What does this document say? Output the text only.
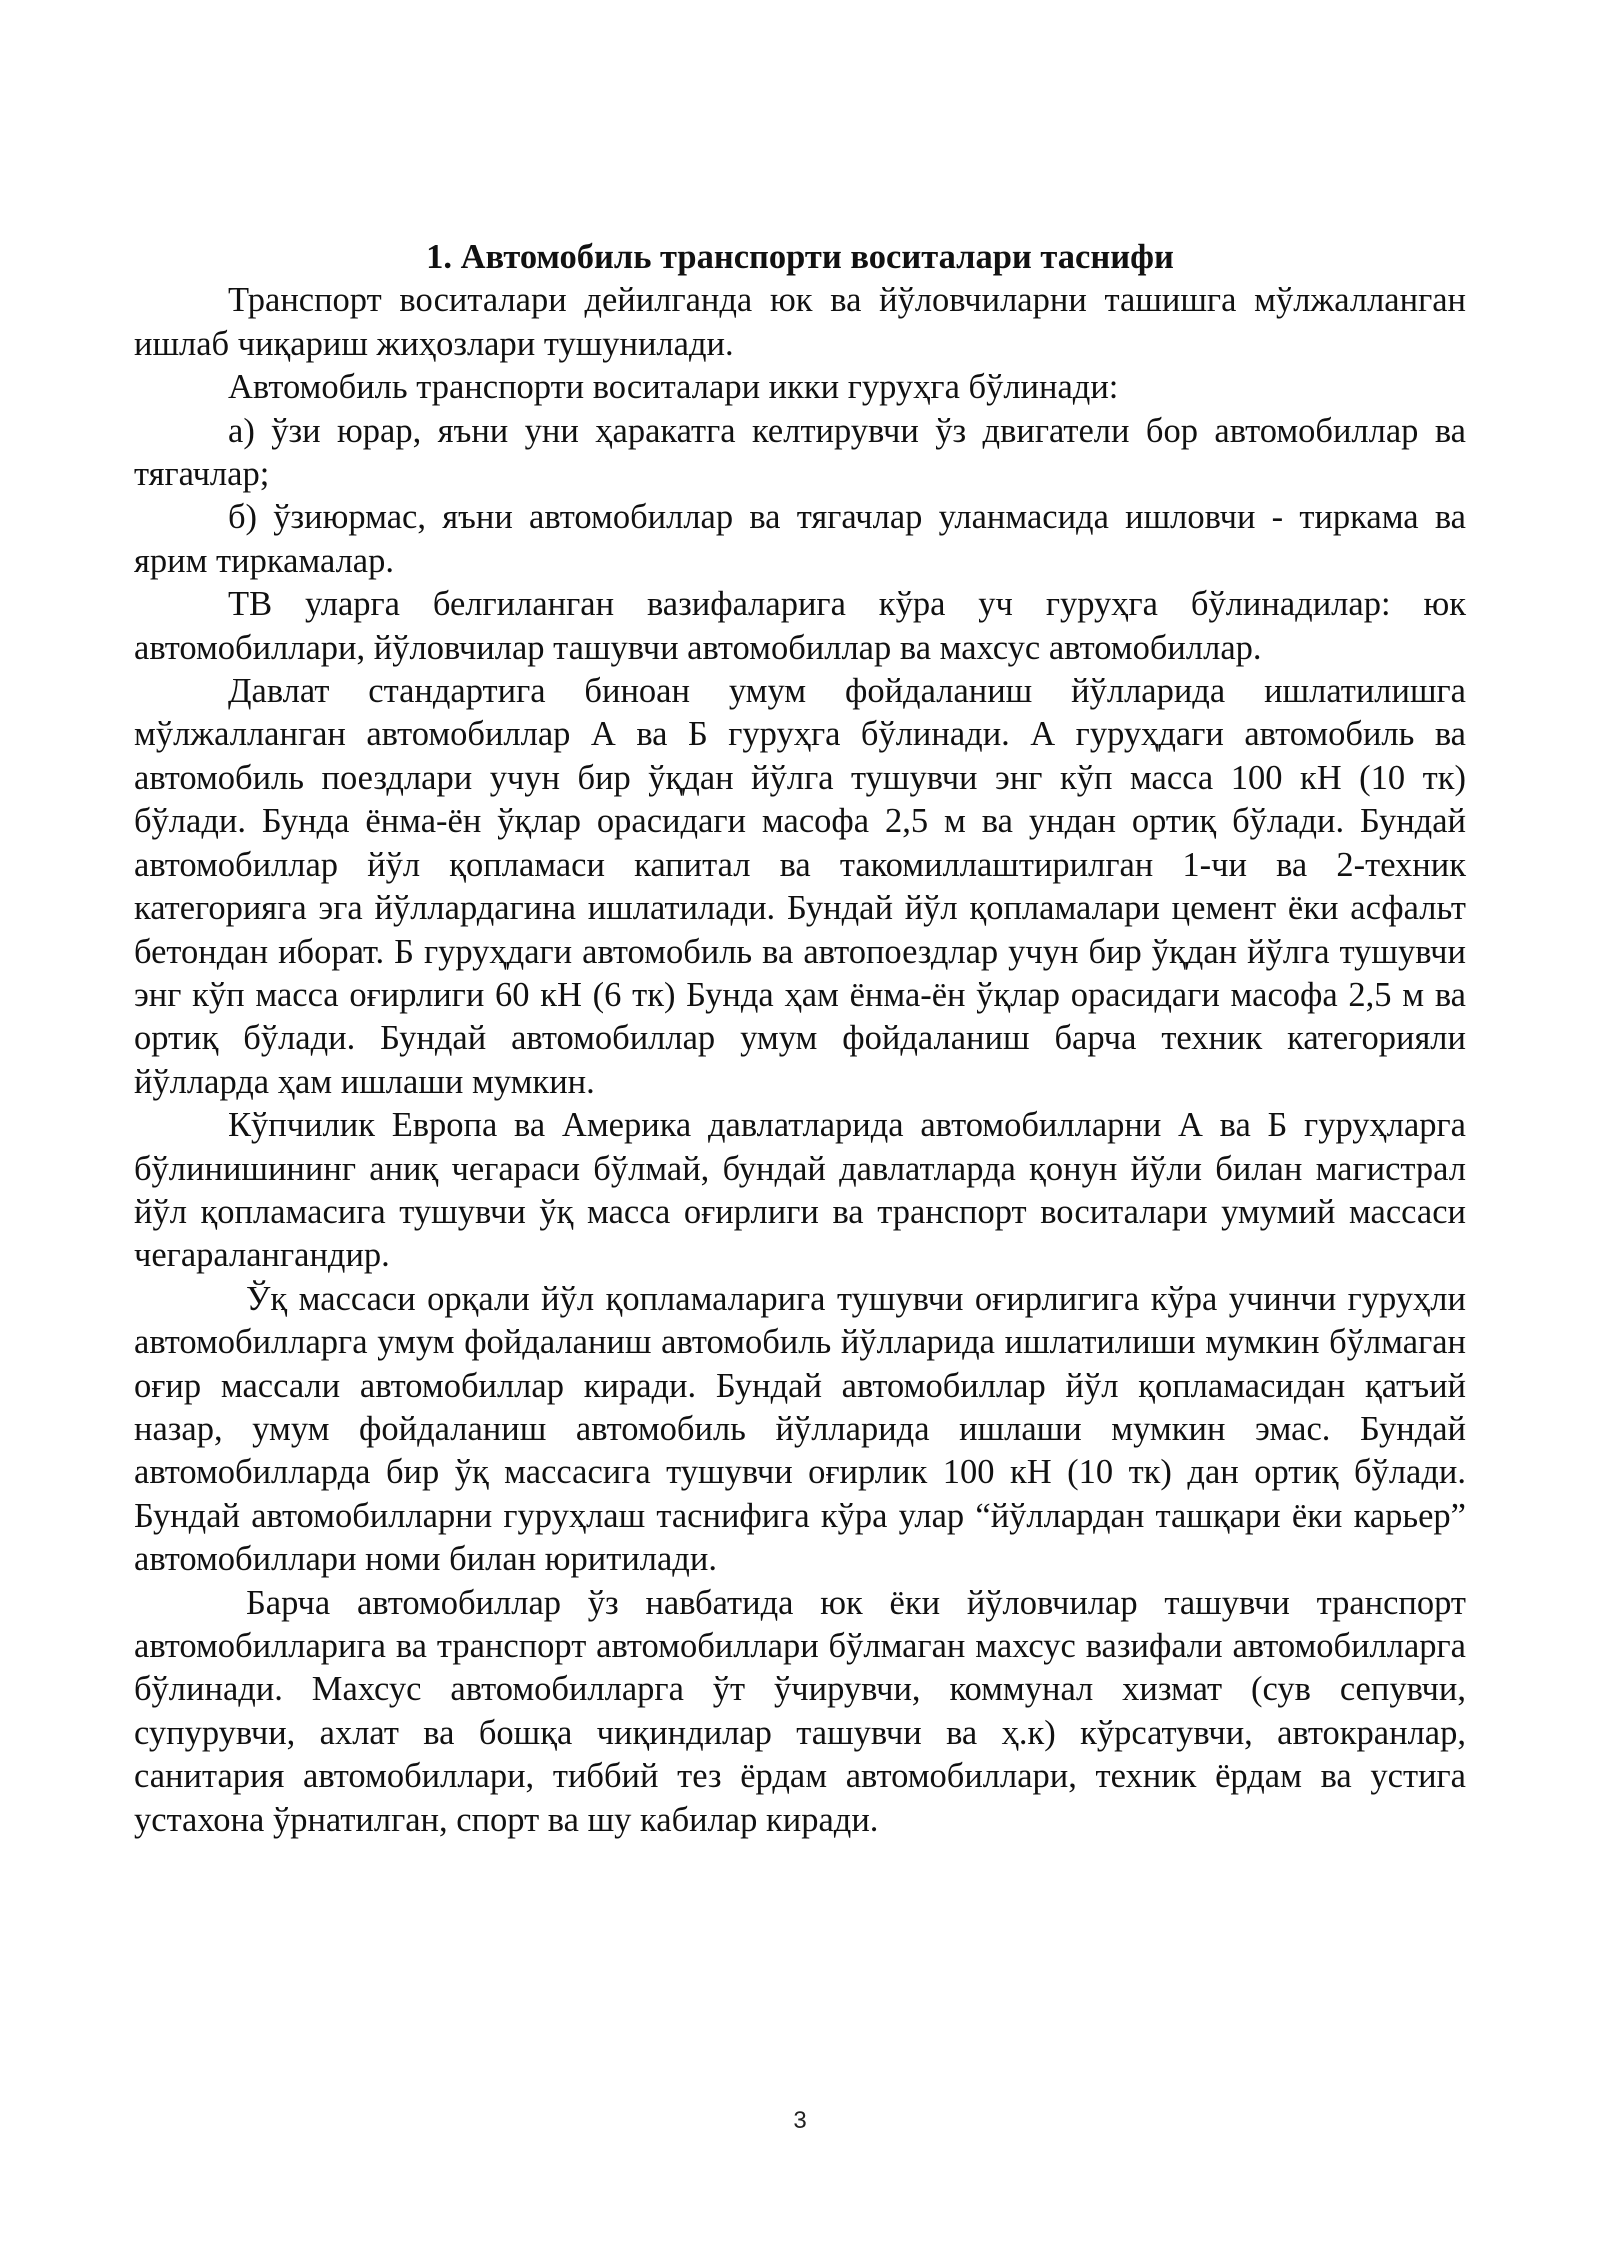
1. Автомобиль транспорти воситалари таснифи

Транспорт воситалари дейилганда юк ва йўловчиларни ташишга мўлжалланган ишлаб чиқариш жиҳозлари тушунилади.

Автомобиль транспорти воситалари икки гуруҳга бўлинади:

а) ўзи юрар, яъни уни ҳаракатга келтирувчи ўз двигатели бор автомобиллар ва тягачлар;

б) ўзиюрмас, яъни автомобиллар ва тягачлар уланмасида ишловчи - тиркама ва ярим тиркамалар.

ТВ уларга белгиланган вазифаларига кўра уч гуруҳга бўлинадилар: юк автомобиллари, йўловчилар ташувчи автомобиллар ва махсус автомобиллар.

Давлат стандартига биноан умум фойдаланиш йўлларида ишлатилишга мўлжалланган автомобиллар А ва Б гуруҳга бўлинади. А гуруҳдаги автомобиль ва автомобиль поездлари учун бир ўқдан йўлга тушувчи энг кўп масса 100 кН (10 тк) бўлади. Бунда ёнма-ён ўқлар орасидаги масофа 2,5 м ва ундан ортиқ бўлади. Бундай автомобиллар йўл қопламаси капитал ва такомиллаштирилган 1-чи ва 2-техник категорияга эга йўллардагина ишлатилади. Бундай йўл қопламалари цемент ёки асфальт бетондан иборат. Б гуруҳдаги автомобиль ва автопоездлар учун бир ўқдан йўлга тушувчи энг кўп масса оғирлиги 60 кН (6 тк) Бунда ҳам ёнма-ён ўқлар орасидаги масофа 2,5 м ва ортиқ бўлади. Бундай автомобиллар умум фойдаланиш барча техник категорияли йўлларда ҳам ишлаши мумкин.

Кўпчилик Европа ва Америка давлатларида автомобилларни А ва Б гуруҳларга бўлинишининг аниқ чегараси бўлмай, бундай давлатларда қонун йўли билан магистрал йўл қопламасига тушувчи ўқ масса оғирлиги ва транспорт воситалари умумий массаси чегаралангандир.

Ўқ массаси орқали йўл қопламаларига тушувчи оғирлигига кўра учинчи гуруҳли автомобилларга умум фойдаланиш автомобиль йўлларида ишлатилиши мумкин бўлмаган оғир массали автомобиллар киради. Бундай автомобиллар йўл қопламасидан қатъий назар, умум фойдаланиш автомобиль йўлларида ишлаши мумкин эмас. Бундай автомобилларда бир ўқ массасига тушувчи оғирлик 100 кН (10 тк) дан ортиқ бўлади. Бундай автомобилларни гуруҳлаш таснифига кўра улар “йўллардан ташқари ёки карьер” автомобиллари номи билан юритилади.

Барча автомобиллар ўз навбатида юк ёки йўловчилар ташувчи транспорт автомобилларига ва транспорт автомобиллари бўлмаган махсус вазифали автомобилларга бўлинади. Махсус автомобилларга ўт ўчирувчи, коммунал хизмат (сув сепувчи, супурувчи, ахлат ва бошқа чиқиндилар ташувчи ва ҳ.к) кўрсатувчи, автокранлар, санитария автомобиллари, тиббий тез ёрдам автомобиллари, техник ёрдам ва устига устахона ўрнатилган, спорт ва шу кабилар киради.

3
